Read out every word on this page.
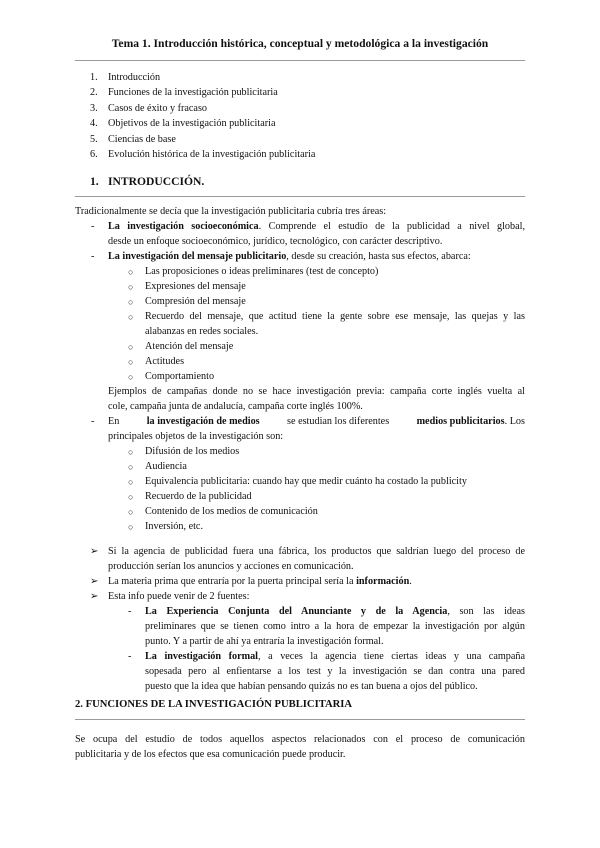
Tema 1. Introducción histórica, conceptual y metodológica a la investigación
1. Introducción
2. Funciones de la investigación publicitaria
3. Casos de éxito y fracaso
4. Objetivos de la investigación publicitaria
5. Ciencias de base
6. Evolución histórica de la investigación publicitaria
1. INTRODUCCIÓN.
Tradicionalmente se decía que la investigación publicitaria cubría tres áreas:
- La investigación socioeconómica. Comprende el estudio de la publicidad a nivel global,
desde un enfoque socioeconómico, jurídico, tecnológico, con carácter descriptivo.
- La investigación del mensaje publicitario, desde su creación, hasta sus efectos, abarca:
○ Las proposiciones o ideas preliminares (test de concepto)
○ Expresiones del mensaje
○ Compresión del mensaje
○ Recuerdo del mensaje, que actitud tiene la gente sobre ese mensaje, las quejas y las
alabanzas en redes sociales.
○ Atención del mensaje
○ Actitudes
○ Comportamiento
Ejemplos de campañas donde no se hace investigación previa: campaña corte inglés vuelta al
cole, campaña junta de andalucía, campaña corte inglés 100%.
- En	la investigación de medios	se estudian los diferentes	medios publicitarios. Los
principales objetos de la investigación son:
○ Difusión de los medios
○ Audiencia
○ Equivalencia publicitaria: cuando hay que medir cuánto ha costado la publicity
○ Recuerdo de la publicidad
○ Contenido de los medios de comunicación
○ Inversión, etc.
➢ Si la agencia de publicidad fuera una fábrica, los productos que saldrían luego del proceso de
producción serían los anuncios y acciones en comunicación.
➢ La materia prima que entraría por la puerta principal sería la información.
➢ Esta info puede venir de 2 fuentes:
- La Experiencia Conjunta del Anunciante y de la Agencia, son las ideas
preliminares que se tienen como intro a la hora de empezar la investigación por algún
punto. Y a partir de ahí ya entraría la investigación formal.
- La investigación formal, a veces la agencia tiene ciertas ideas y una campaña
sopesada pero al enfientarse a los test y la investigación se dan contra una pared
puesto que la idea que habían pensando quizás no es tan buena a ojos del público.
2. FUNCIONES DE LA INVESTIGACIÓN PUBLICITARIA
Se ocupa del estudio de todos aquellos aspectos relacionados con el proceso de comunicación
publicitaria y de los efectos que esa comunicación puede producir.
